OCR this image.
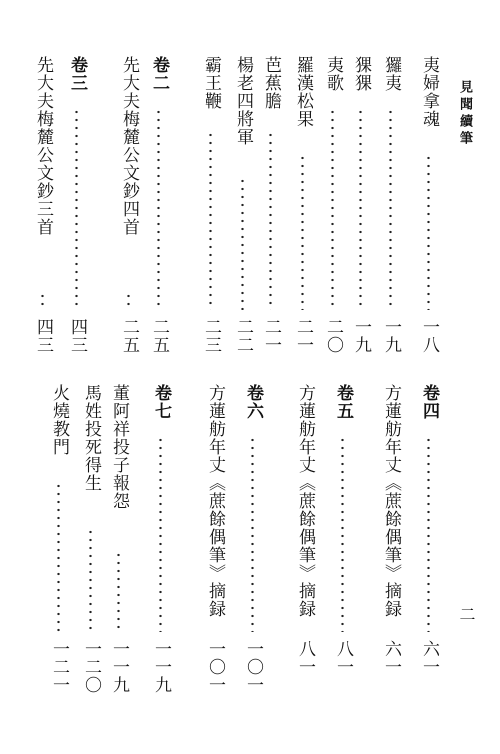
見聞續筆
二
夷婦拿魂
一八
玀夷
一九
猓猓
一九
夷歌
二〇
羅漢松果
二一
芭蕉膽
二一
楊老四將軍
二二
霸王鞭
二三
卷二
二五
先大夫梅麓公文鈔四首
二五
卷三
四三
先大夫梅麓公文鈔三首
四三
卷四
六一
方蓮舫年丈《蔗餘偶筆》摘録
六一
卷五
八一
方蓮舫年丈《蔗餘偶筆》摘録
八一
卷六
一〇一
方蓮舫年丈《蔗餘偶筆》摘録
一〇一
卷七
一一九
董阿祥投子報怨
一一九
馬姓投死得生
一二〇
火燒教門
一二一
